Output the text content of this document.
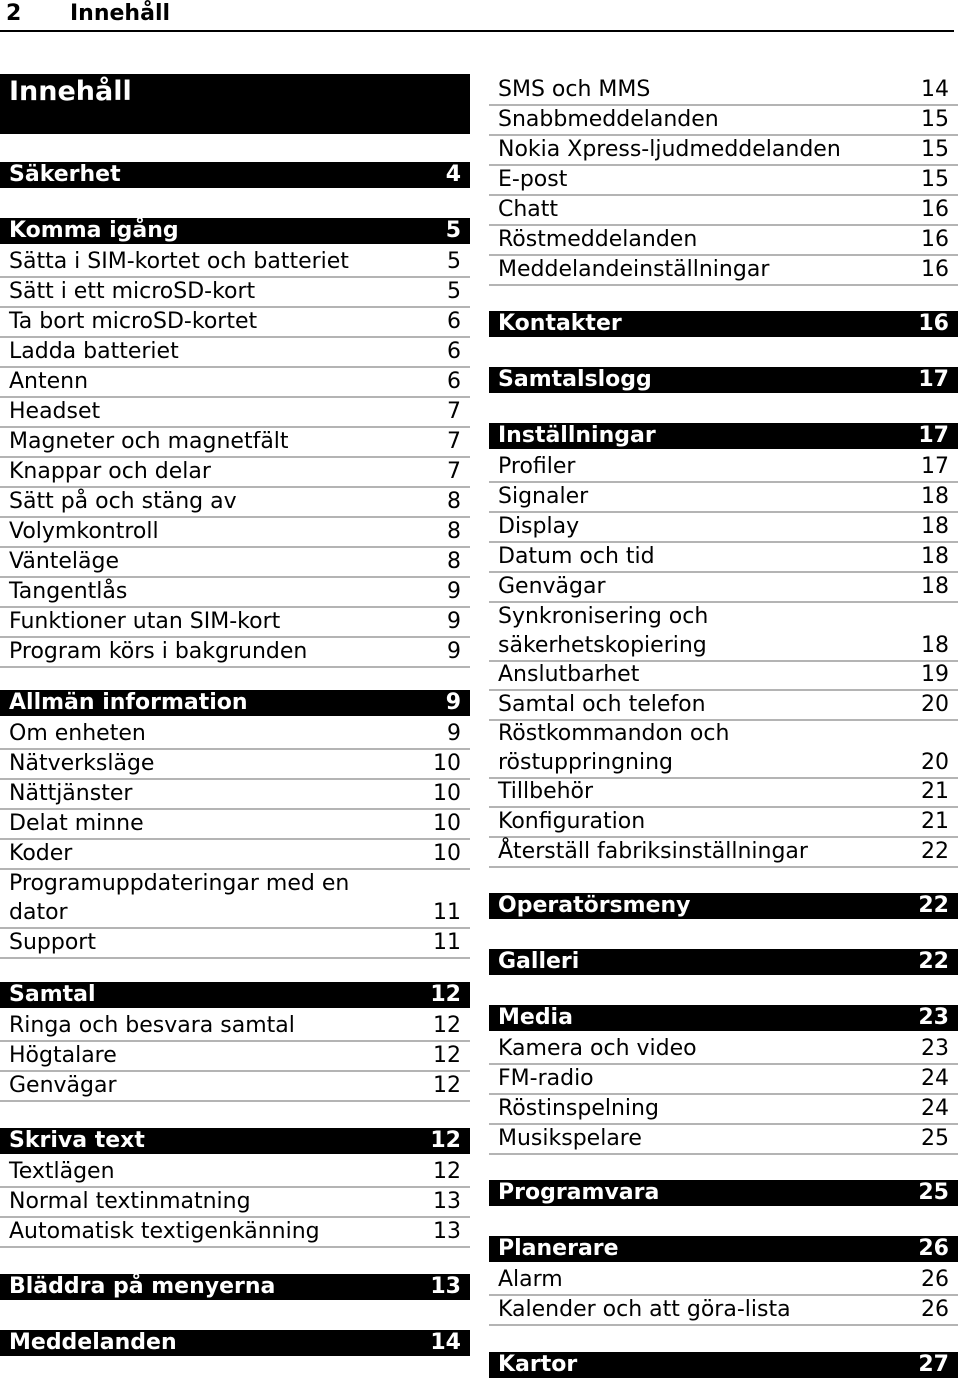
2 Innehåll
Innehåll
Säkerhet	4
Komma igång	5
Sätta i SIM-kortet och batteriet	5
Sätt i ett microSD-kort	5
Ta bort microSD-kortet	6
Ladda batteriet	6
Antenn	6
Headset	7
Magneter och magnetfält	7
Knappar och delar	7
Sätt på och stäng av	8
Volymkontroll	8
Vänteläge	8
Tangentlås	9
Funktioner utan SIM-kort	9
Program körs i bakgrunden	9
Allmän information	9
Om enheten	9
Nätverksläge	10
Nättjänster	10
Delat minne	10
Koder	10
Programuppdateringar med en dator	11
Support	11
Samtal	12
Ringa och besvara samtal	12
Högtalare	12
Genvägar	12
Skriva text	12
Textlägen	12
Normal textinmatning	13
Automatisk textigenkänning	13
Bläddra på menyerna	13
Meddelanden	14
SMS och MMS	14
Snabbmeddelanden	15
Nokia Xpress-ljudmeddelanden	15
E-post	15
Chatt	16
Röstmeddelanden	16
Meddelandeinställningar	16
Kontakter	16
Samtalslogg	17
Inställningar	17
Profiler	17
Signaler	18
Display	18
Datum och tid	18
Genvägar	18
Synkronisering och säkerhetskopiering	18
Anslutbarhet	19
Samtal och telefon	20
Röstkommandon och röstuppringning	20
Tillbehör	21
Konfiguration	21
Återställ fabriksinställningar	22
Operatörsmeny	22
Galleri	22
Media	23
Kamera och video	23
FM-radio	24
Röstinspelning	24
Musikspelare	25
Programvara	25
Planerare	26
Alarm	26
Kalender och att göra-lista	26
Kartor	27
